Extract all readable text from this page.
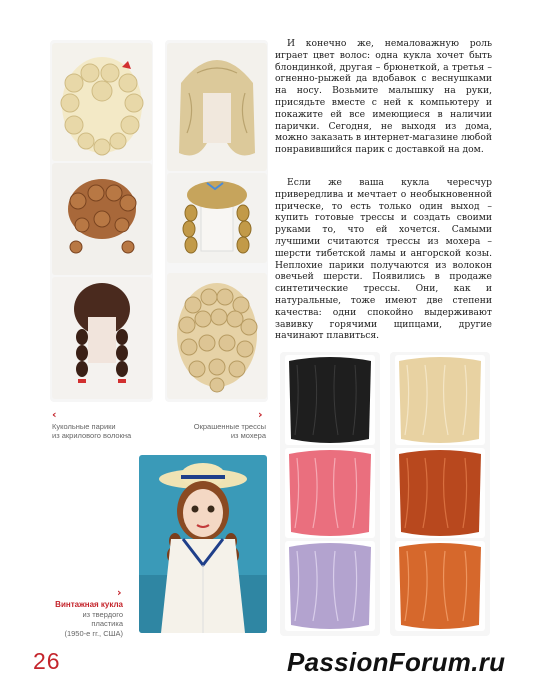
‹
Кукольные парики
из акрилового волокна
›
Окрашенные трессы
из мохера
›
Винтажная кукла
из твердого
пластика
(1950-е гг., США)

И конечно же, немаловажную роль играет цвет волос: одна кукла хочет быть блондинкой, другая – брюнеткой, а третья – огненно-рыжей да вдобавок с веснушками на носу. Возьмите малышку на руки, присядьте вместе с ней к компьютеру и покажите ей все имеющиеся в наличии парички. Сегодня, не выходя из дома, можно заказать в интернет-магазине любой понравившийся парик с доставкой на дом.

Если же ваша кукла чересчур привередлива и мечтает о необыкновенной прическе, то есть только один выход – купить готовые трессы и создать своими руками то, что ей хочется. Самыми лучшими считаются трессы из мохера – шерсти тибетской ламы и ангорской козы. Неплохие парики получаются из волокон овечьей шерсти. Появились в продаже синтетические трессы. Они, как и натуральные, тоже имеют две степени качества: одни спокойно выдерживают завивку горячими щипцами, другие начинают плавиться.

26	PassionForum.ru
